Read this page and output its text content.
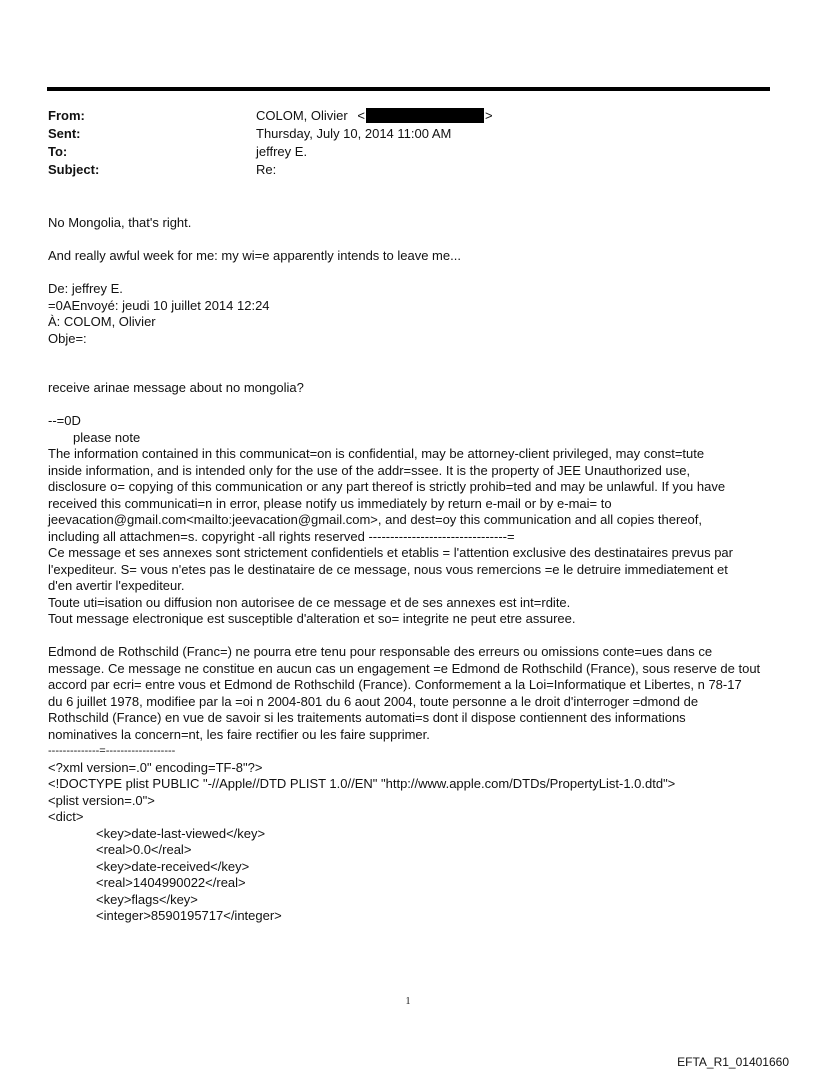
From:	COLOM, Olivier <	>
Sent:	Thursday, July 10, 2014 11:00 AM
To:	jeffrey E.
Subject:	Re:

No Mongolia, that's right.

And really awful week for me: my wi=e apparently intends to leave me...

De: jeffrey E.

=0AEnvoyé: jeudi 10 juillet 2014 12:24

À: COLOM, Olivier

Obje=:

receive arinae message about no mongolia?

--=0D

please note

The information contained in this communicat=on is confidential, may be attorney-client privileged, may const=tute

inside information, and is intended only for the use of the addr=ssee. It is the property of JEE Unauthorized use,

disclosure o= copying of this communication or any part thereof is strictly prohib=ted and may be unlawful. If you have

received this communicati=n in error, please notify us immediately by return e-mail or by e-mai= to

jeevacation@gmail.com<mailto:jeevacation@gmail.com>, and dest=oy this communication and all copies thereof,

including all attachmen=s. copyright -all rights reserved --------------------------------=

Ce message et ses annexes sont strictement confidentiels et etablis = l'attention exclusive des destinataires prevus par

l'expediteur. S= vous n'etes pas le destinataire de ce message, nous vous remercions =e le detruire immediatement et

d'en avertir l'expediteur.

Toute uti=isation ou diffusion non autorisee de ce message et de ses annexes est int=rdite.

Tout message electronique est susceptible d'alteration et so= integrite ne peut etre assuree.

Edmond de Rothschild (Franc=) ne pourra etre tenu pour responsable des erreurs ou omissions conte=ues dans ce

message. Ce message ne constitue en aucun cas un engagement =e Edmond de Rothschild (France), sous reserve de tout

accord par ecri= entre vous et Edmond de Rothschild (France). Conformement a la Loi=Informatique et Libertes, n 78-17

du 6 juillet 1978, modifiee par la =oi n 2004-801 du 6 aout 2004, toute personne a le droit d'interroger =dmond de

Rothschild (France) en vue de savoir si les traitements automati=s dont il dispose contiennent des informations

nominatives la concern=nt, les faire rectifier ou les faire supprimer.

--------------=-------------------

<?xml version=.0" encoding=TF-8"?>

<!DOCTYPE plist PUBLIC "-//Apple//DTD PLIST 1.0//EN" "http://www.apple.com/DTDs/PropertyList-1.0.dtd">

<plist version=.0">

<dict>

<key>date-last-viewed</key>

<real>0.0</real>

<key>date-received</key>

<real>1404990022</real>

<key>flags</key>

<integer>8590195717</integer>

1
EFTA_R1_01401660
